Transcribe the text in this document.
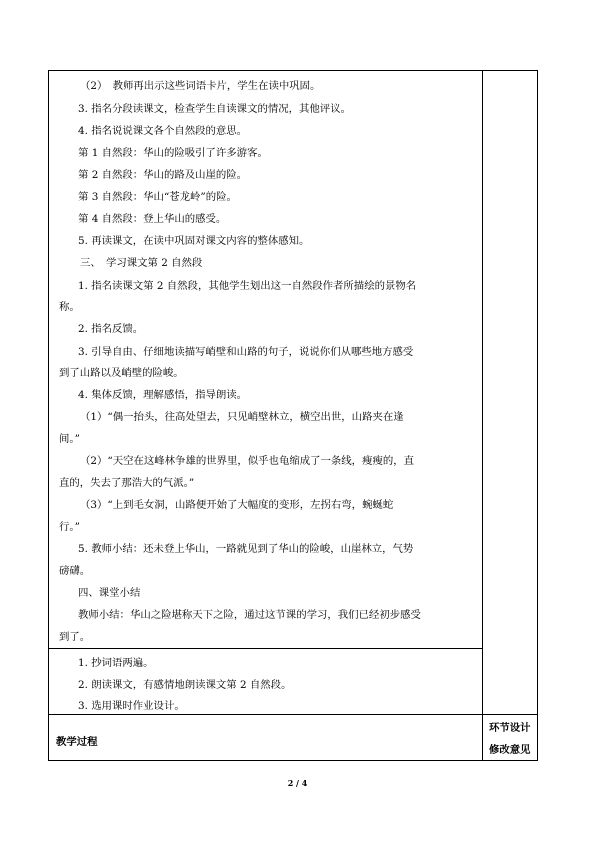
（2）　教师再出示这些词语卡片，学生在读中巩固。
3. 指名分段读课文，检查学生自读课文的情况，其他评议。
4. 指名说说课文各个自然段的意思。
第 1 自然段：华山的险吸引了许多游客。
第 2 自然段：华山的路及山崖的险。
第 3 自然段：华山“苍龙岭”的险。
第 4 自然段：登上华山的感受。
5. 再读课文，在读中巩固对课文内容的整体感知。
三、　学习课文第 2 自然段
1. 指名读课文第 2 自然段，其他学生划出这一自然段作者所描绘的景物名
称。
2. 指名反馈。
3. 引导自由、仔细地读描写峭壁和山路的句子，说说你们从哪些地方感受
到了山路以及峭壁的险峻。
4. 集体反馈，理解感悟，指导朗读。
（1）“偶一抬头，往高处望去，只见峭壁林立，横空出世，山路夹在逢
间。”
（2）“天空在这峰林争雄的世界里，似乎也龟缩成了一条线，瘦瘦的，直
直的，失去了那浩大的气派。”
（3）“上到毛女洞，山路便开始了大幅度的变形，左拐右弯，蜿蜒蛇
行。”
5. 教师小结：还未登上华山，一路就见到了华山的险峻，山崖林立，气势
磅礴。
四、课堂小结
教师小结：华山之险堪称天下之险，通过这节课的学习，我们已经初步感受
到了。
1. 抄词语两遍。
2. 朗读课文，有感情地朗读课文第 2 自然段。
3. 选用课时作业设计。
教学过程
环节设计
修改意见
2 / 4
